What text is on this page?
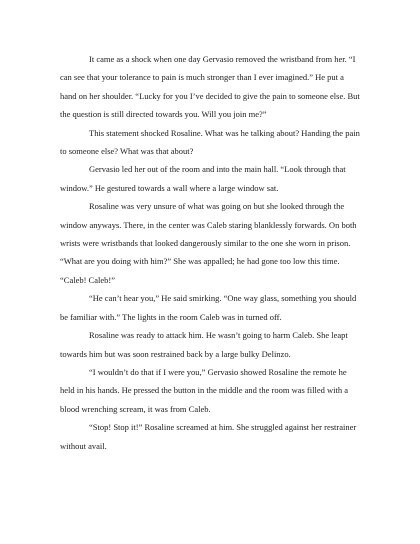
It came as a shock when one day Gervasio removed the wristband from her. “I can see that your tolerance to pain is much stronger than I ever imagined.” He put a hand on her shoulder. “Lucky for you I’ve decided to give the pain to someone else. But the question is still directed towards you. Will you join me?”

This statement shocked Rosaline. What was he talking about? Handing the pain to someone else? What was that about?

Gervasio led her out of the room and into the main hall. “Look through that window.” He gestured towards a wall where a large window sat.

Rosaline was very unsure of what was going on but she looked through the window anyways. There, in the center was Caleb staring blanklessly forwards. On both wrists were wristbands that looked dangerously similar to the one she worn in prison. “What are you doing with him?” She was appalled; he had gone too low this time. “Caleb! Caleb!”

“He can’t hear you,” He said smirking. “One way glass, something you should be familiar with.” The lights in the room Caleb was in turned off.

Rosaline was ready to attack him. He wasn’t going to harm Caleb. She leapt towards him but was soon restrained back by a large bulky Delinzo.

“I wouldn’t do that if I were you,” Gervasio showed Rosaline the remote he held in his hands. He pressed the button in the middle and the room was filled with a blood wrenching scream, it was from Caleb.

“Stop! Stop it!” Rosaline screamed at him. She struggled against her restrainer without avail.
